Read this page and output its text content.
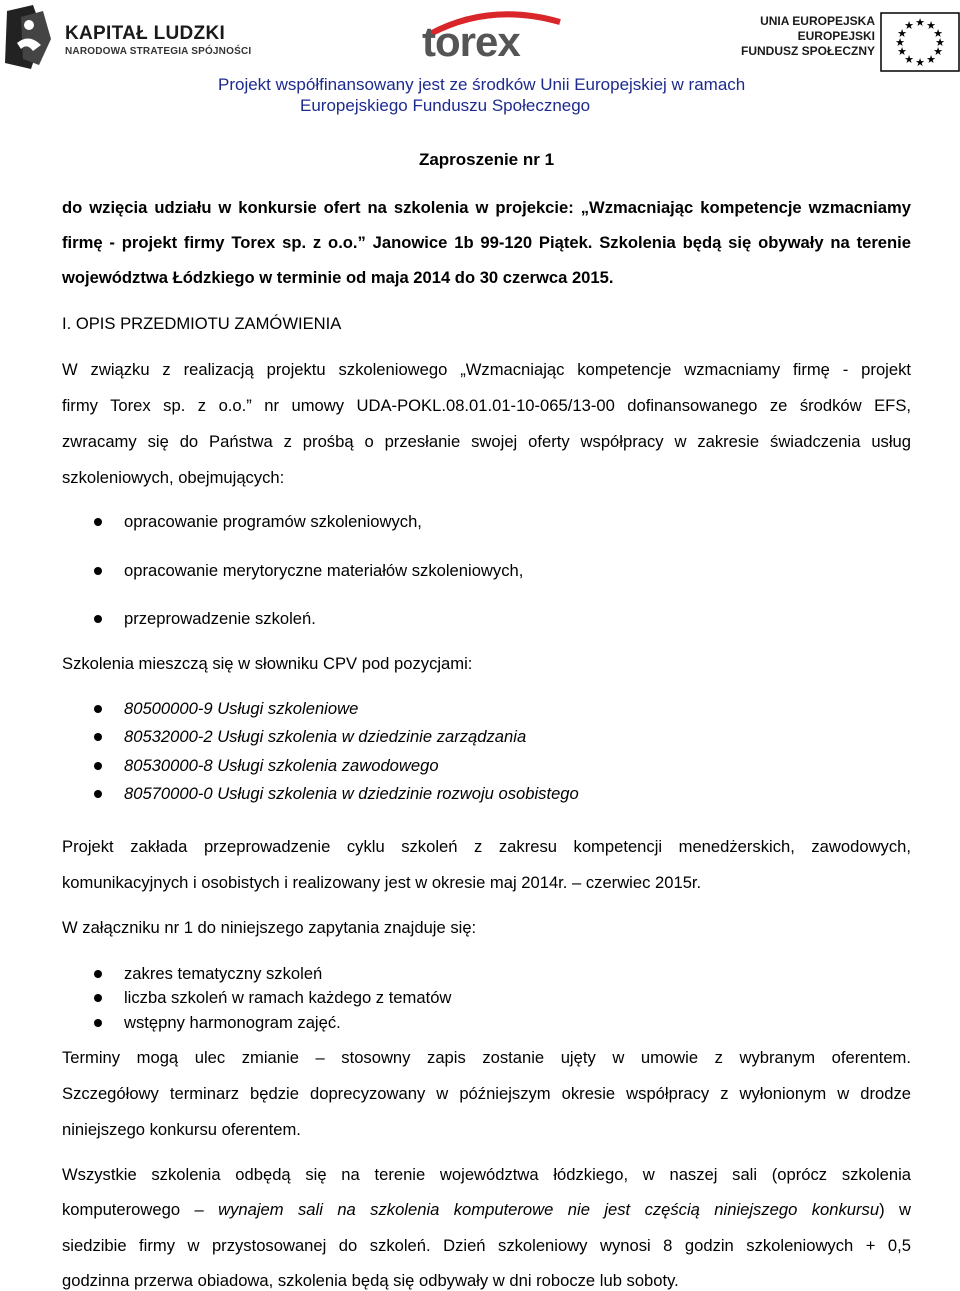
KAPITAŁ LUDZKI
NARODOWA STRATEGIA SPÓJNOŚCI	torex	UNIA EUROPEJSKA
EUROPEJSKI
FUNDUSZ SPOŁECZNY
★ ★
★
★
★
★
★
★
★
★
★
★
Projekt współfinansowany jest ze środków Unii Europejskiej w ramach
Europejskiego Funduszu Społecznego
Zaproszenie nr 1
do wzięcia udziału w konkursie ofert na szkolenia w projekcie: „Wzmacniając kompetencje wzmacniamy
firmę - projekt firmy Torex sp. z o.o.” Janowice 1b 99-120 Piątek. Szkolenia będą się obywały na terenie
województwa Łódzkiego w terminie od maja 2014 do 30 czerwca 2015.
I. OPIS PRZEDMIOTU ZAMÓWIENIA
W związku z realizacją projektu szkoleniowego „Wzmacniając kompetencje wzmacniamy firmę - projekt
firmy Torex sp. z o.o.” nr umowy UDA-POKL.08.01.01-10-065/13-00 dofinansowanego ze środków EFS,
zwracamy się do Państwa z prośbą o przesłanie swojej oferty współpracy w zakresie świadczenia usług
szkoleniowych, obejmujących:
opracowanie programów szkoleniowych,
opracowanie merytoryczne materiałów szkoleniowych,
przeprowadzenie szkoleń.
Szkolenia mieszczą się w słowniku CPV pod pozycjami:
80500000-9 Usługi szkoleniowe
80532000-2 Usługi szkolenia w dziedzinie zarządzania
80530000-8 Usługi szkolenia zawodowego
80570000-0 Usługi szkolenia w dziedzinie rozwoju osobistego
Projekt zakłada przeprowadzenie cyklu szkoleń z zakresu kompetencji menedżerskich, zawodowych,
komunikacyjnych i osobistych i realizowany jest w okresie maj 2014r. – czerwiec 2015r.
W załączniku nr 1 do niniejszego zapytania znajduje się:
zakres tematyczny szkoleń
liczba szkoleń w ramach każdego z tematów
wstępny harmonogram zajęć.
Terminy mogą ulec zmianie – stosowny zapis zostanie ujęty w umowie z wybranym oferentem.
Szczegółowy terminarz będzie doprecyzowany w późniejszym okresie współpracy z wyłonionym w drodze
niniejszego konkursu oferentem.
Wszystkie szkolenia odbędą się na terenie województwa łódzkiego, w naszej sali (oprócz szkolenia
komputerowego – wynajem sali na szkolenia komputerowe nie jest częścią niniejszego konkursu) w
siedzibie firmy w przystosowanej do szkoleń. Dzień szkoleniowy wynosi 8 godzin szkoleniowych + 0,5
godzinna przerwa obiadowa, szkolenia będą się odbywały w dni robocze lub soboty.
